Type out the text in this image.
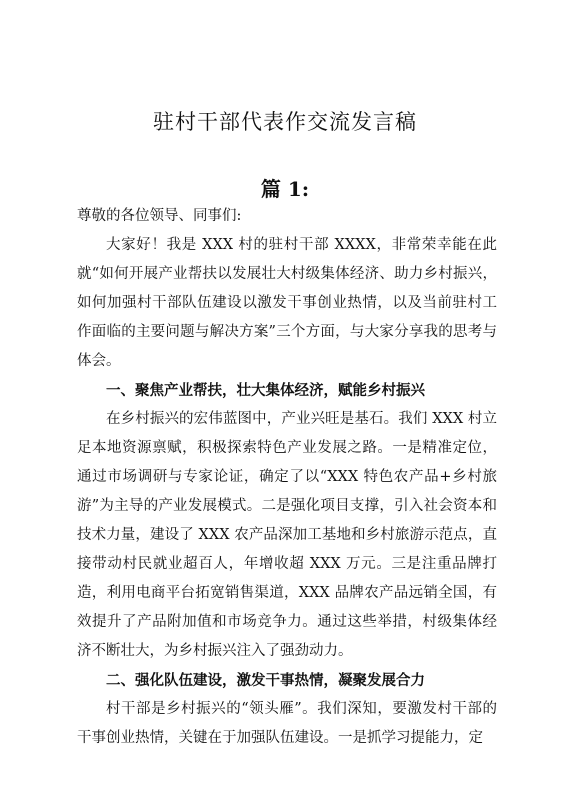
驻村干部代表作交流发言稿
篇 1:

尊敬的各位领导、同事们:

大家好！我是 XXX 村的驻村干部 XXXX，非常荣幸能在此就“如何开展产业帮扶以发展壮大村级集体经济、助力乡村振兴，如何加强村干部队伍建设以激发干事创业热情，以及当前驻村工作面临的主要问题与解决方案”三个方面，与大家分享我的思考与体会。

一、聚焦产业帮扶，壮大集体经济，赋能乡村振兴

在乡村振兴的宏伟蓝图中，产业兴旺是基石。我们 XXX 村立足本地资源禀赋，积极探索特色产业发展之路。一是精准定位，通过市场调研与专家论证，确定了以“XXX 特色农产品+乡村旅游”为主导的产业发展模式。二是强化项目支撑，引入社会资本和技术力量，建设了 XXX 农产品深加工基地和乡村旅游示范点，直接带动村民就业超百人，年增收超 XXX 万元。三是注重品牌打造，利用电商平台拓宽销售渠道，XXX 品牌农产品远销全国，有效提升了产品附加值和市场竞争力。通过这些举措，村级集体经济不断壮大，为乡村振兴注入了强劲动力。

二、强化队伍建设，激发干事热情，凝聚发展合力

村干部是乡村振兴的“领头雁”。我们深知，要激发村干部的干事创业热情，关键在于加强队伍建设。一是抓学习提能力，定
